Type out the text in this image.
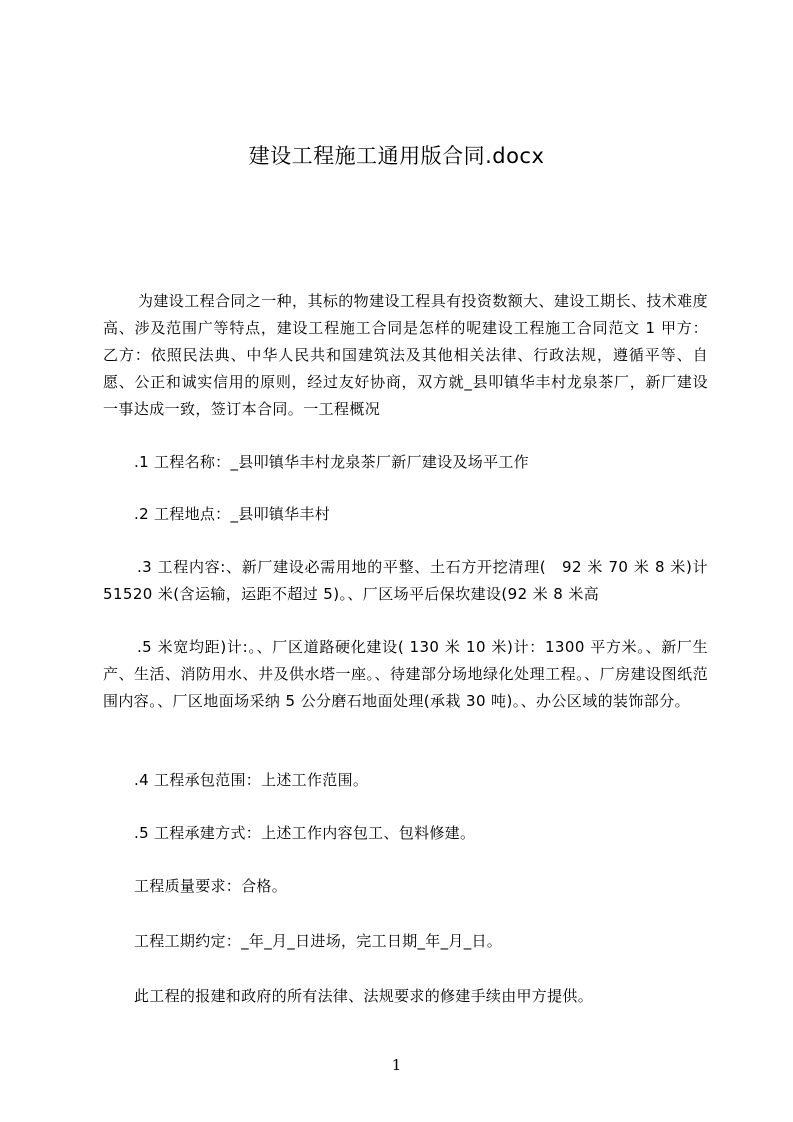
建设工程施工通用版合同.docx

为建设工程合同之一种，其标的物建设工程具有投资数额大、建设工期长、技术难度高、涉及范围广等特点，建设工程施工合同是怎样的呢建设工程施工合同范文 1 甲方：乙方：依照民法典、中华人民共和国建筑法及其他相关法律、行政法规，遵循平等、自愿、公正和诚实信用的原则，经过友好协商，双方就_县叩镇华丰村龙泉茶厂，新厂建设一事达成一致，签订本合同。一工程概况

.1 工程名称：_县叩镇华丰村龙泉茶厂新厂建设及场平工作

.2 工程地点：_县叩镇华丰村

.3 工程内容:、新厂建设必需用地的平整、土石方开挖清理(　92 米 70 米 8 米)计 51520 米(含运输，运距不超过 5)。、厂区场平后保坎建设(92 米 8 米高

.5 米宽均距)计:。、厂区道路硬化建设( 130 米 10 米)计：1300 平方米。、新厂生产、生活、消防用水、井及供水塔一座。、待建部分场地绿化处理工程。、厂房建设图纸范围内容。、厂区地面场采纳 5 公分磨石地面处理(承栽 30 吨)。、办公区域的装饰部分。

.4 工程承包范围：上述工作范围。

.5 工程承建方式：上述工作内容包工、包料修建。

工程质量要求：合格。

工程工期约定：_年_月_日进场，完工日期_年_月_日。

此工程的报建和政府的所有法律、法规要求的修建手续由甲方提供。

1
